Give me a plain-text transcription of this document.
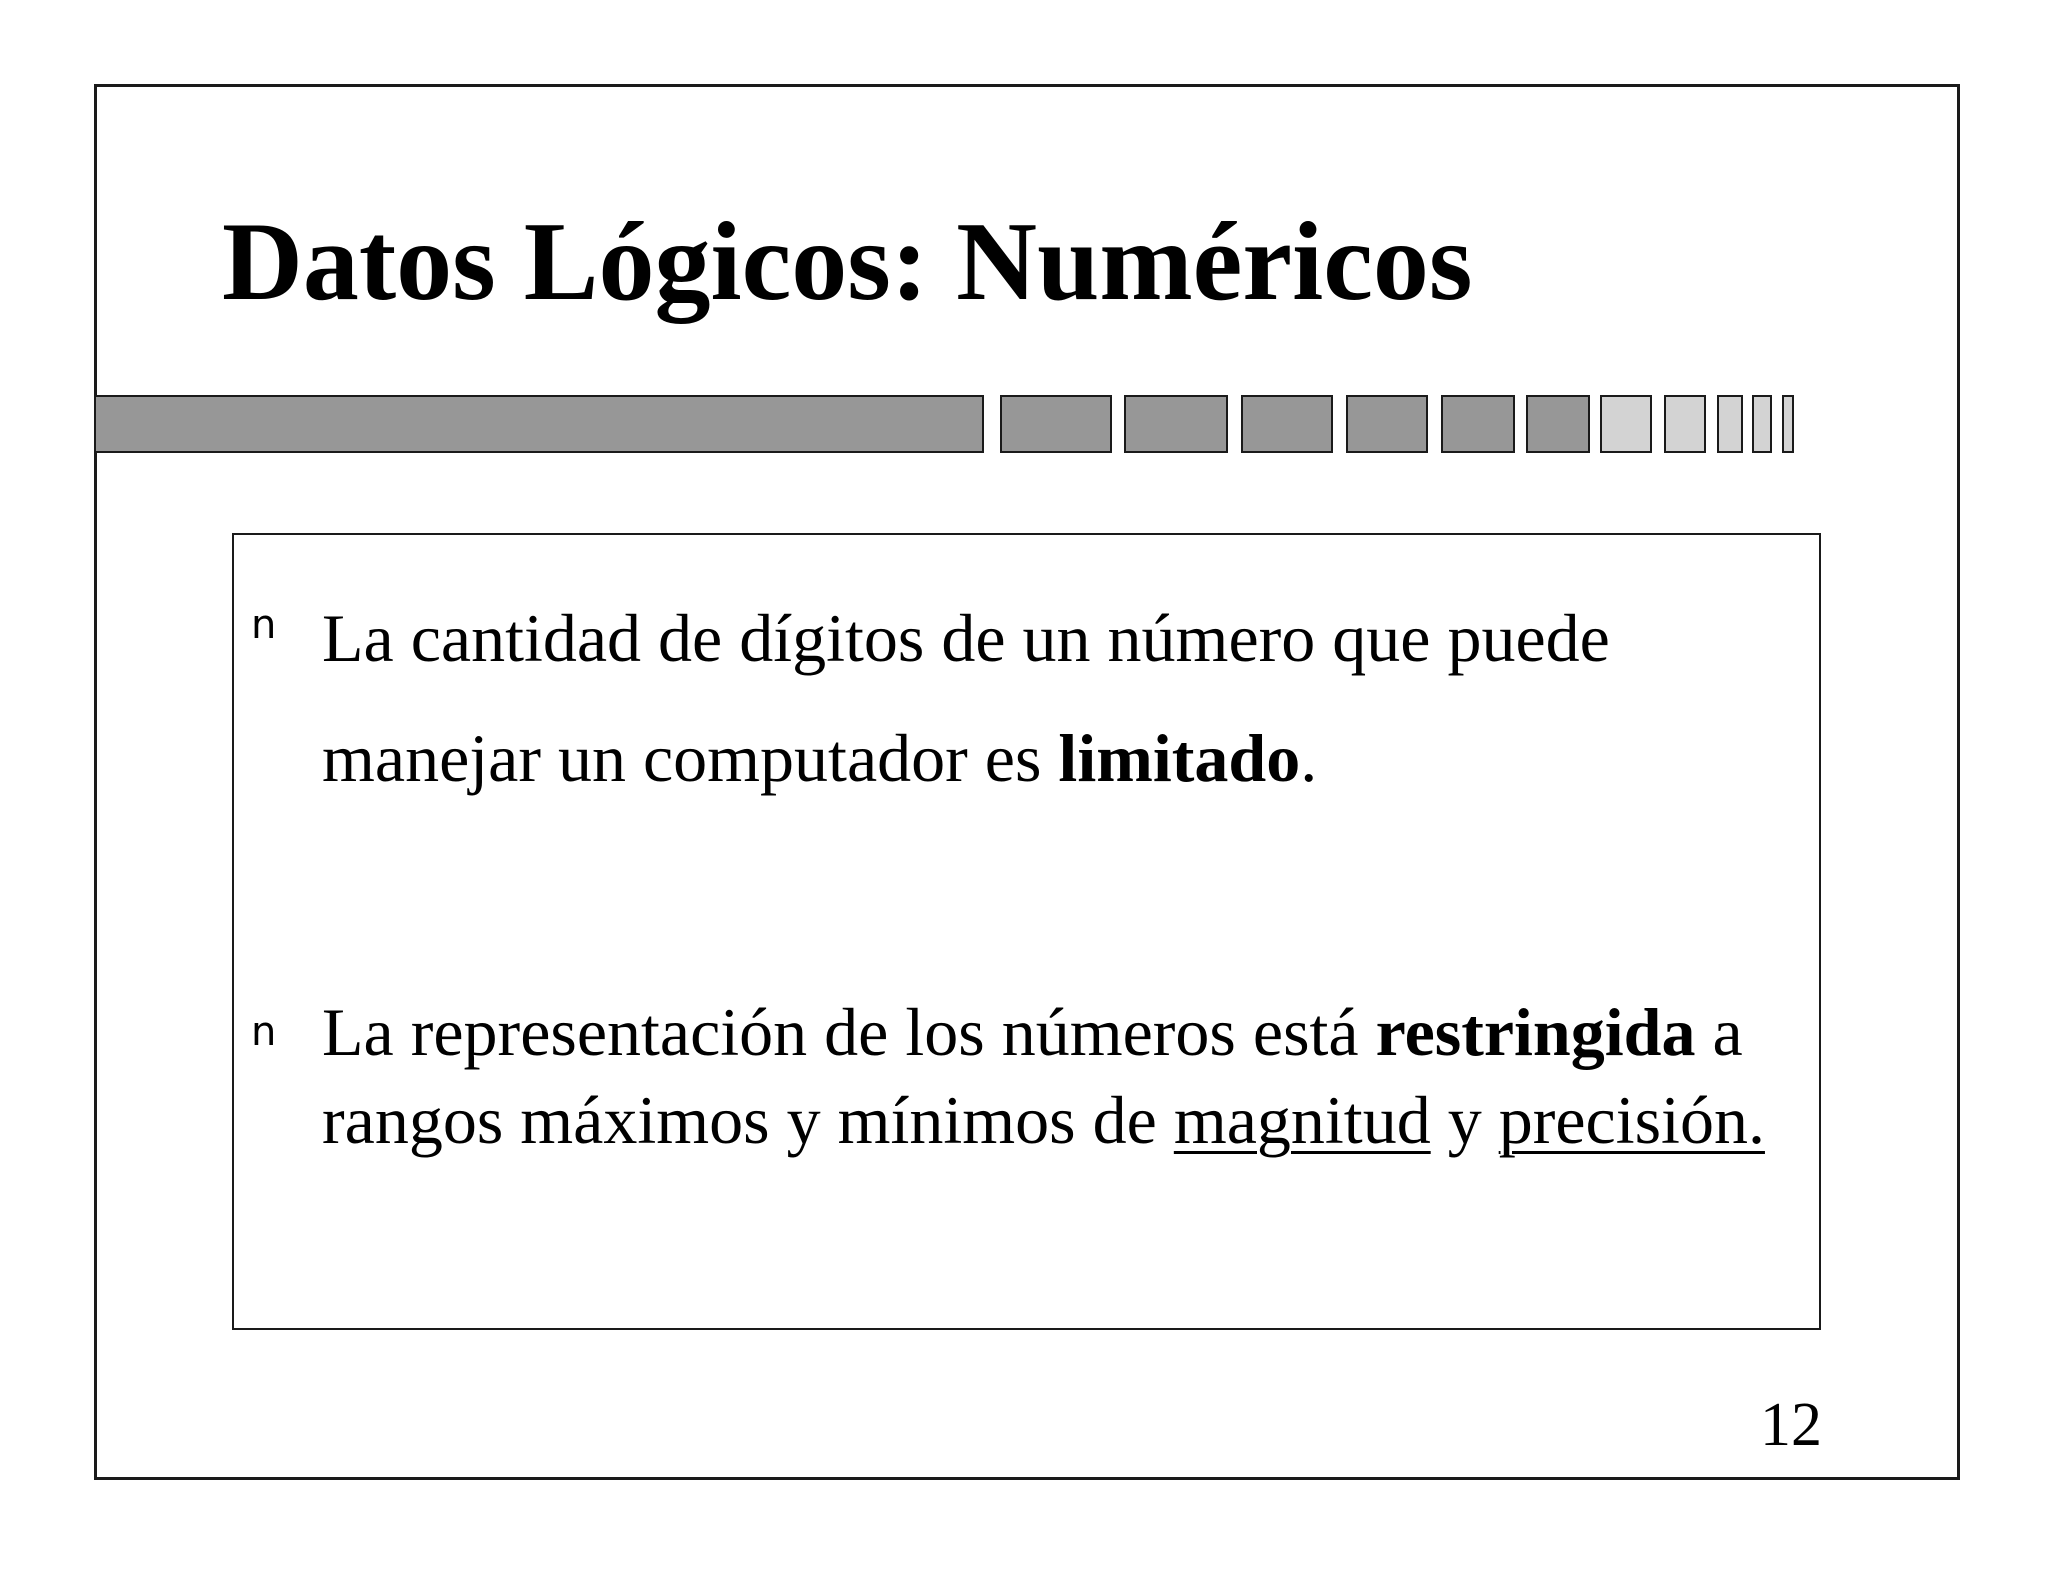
Datos Lógicos: Numéricos
n La cantidad de dígitos de un número que puede manejar un computador es limitado.

n La representación de los números está restringida a rangos máximos y mínimos de magnitud y precisión.

12
